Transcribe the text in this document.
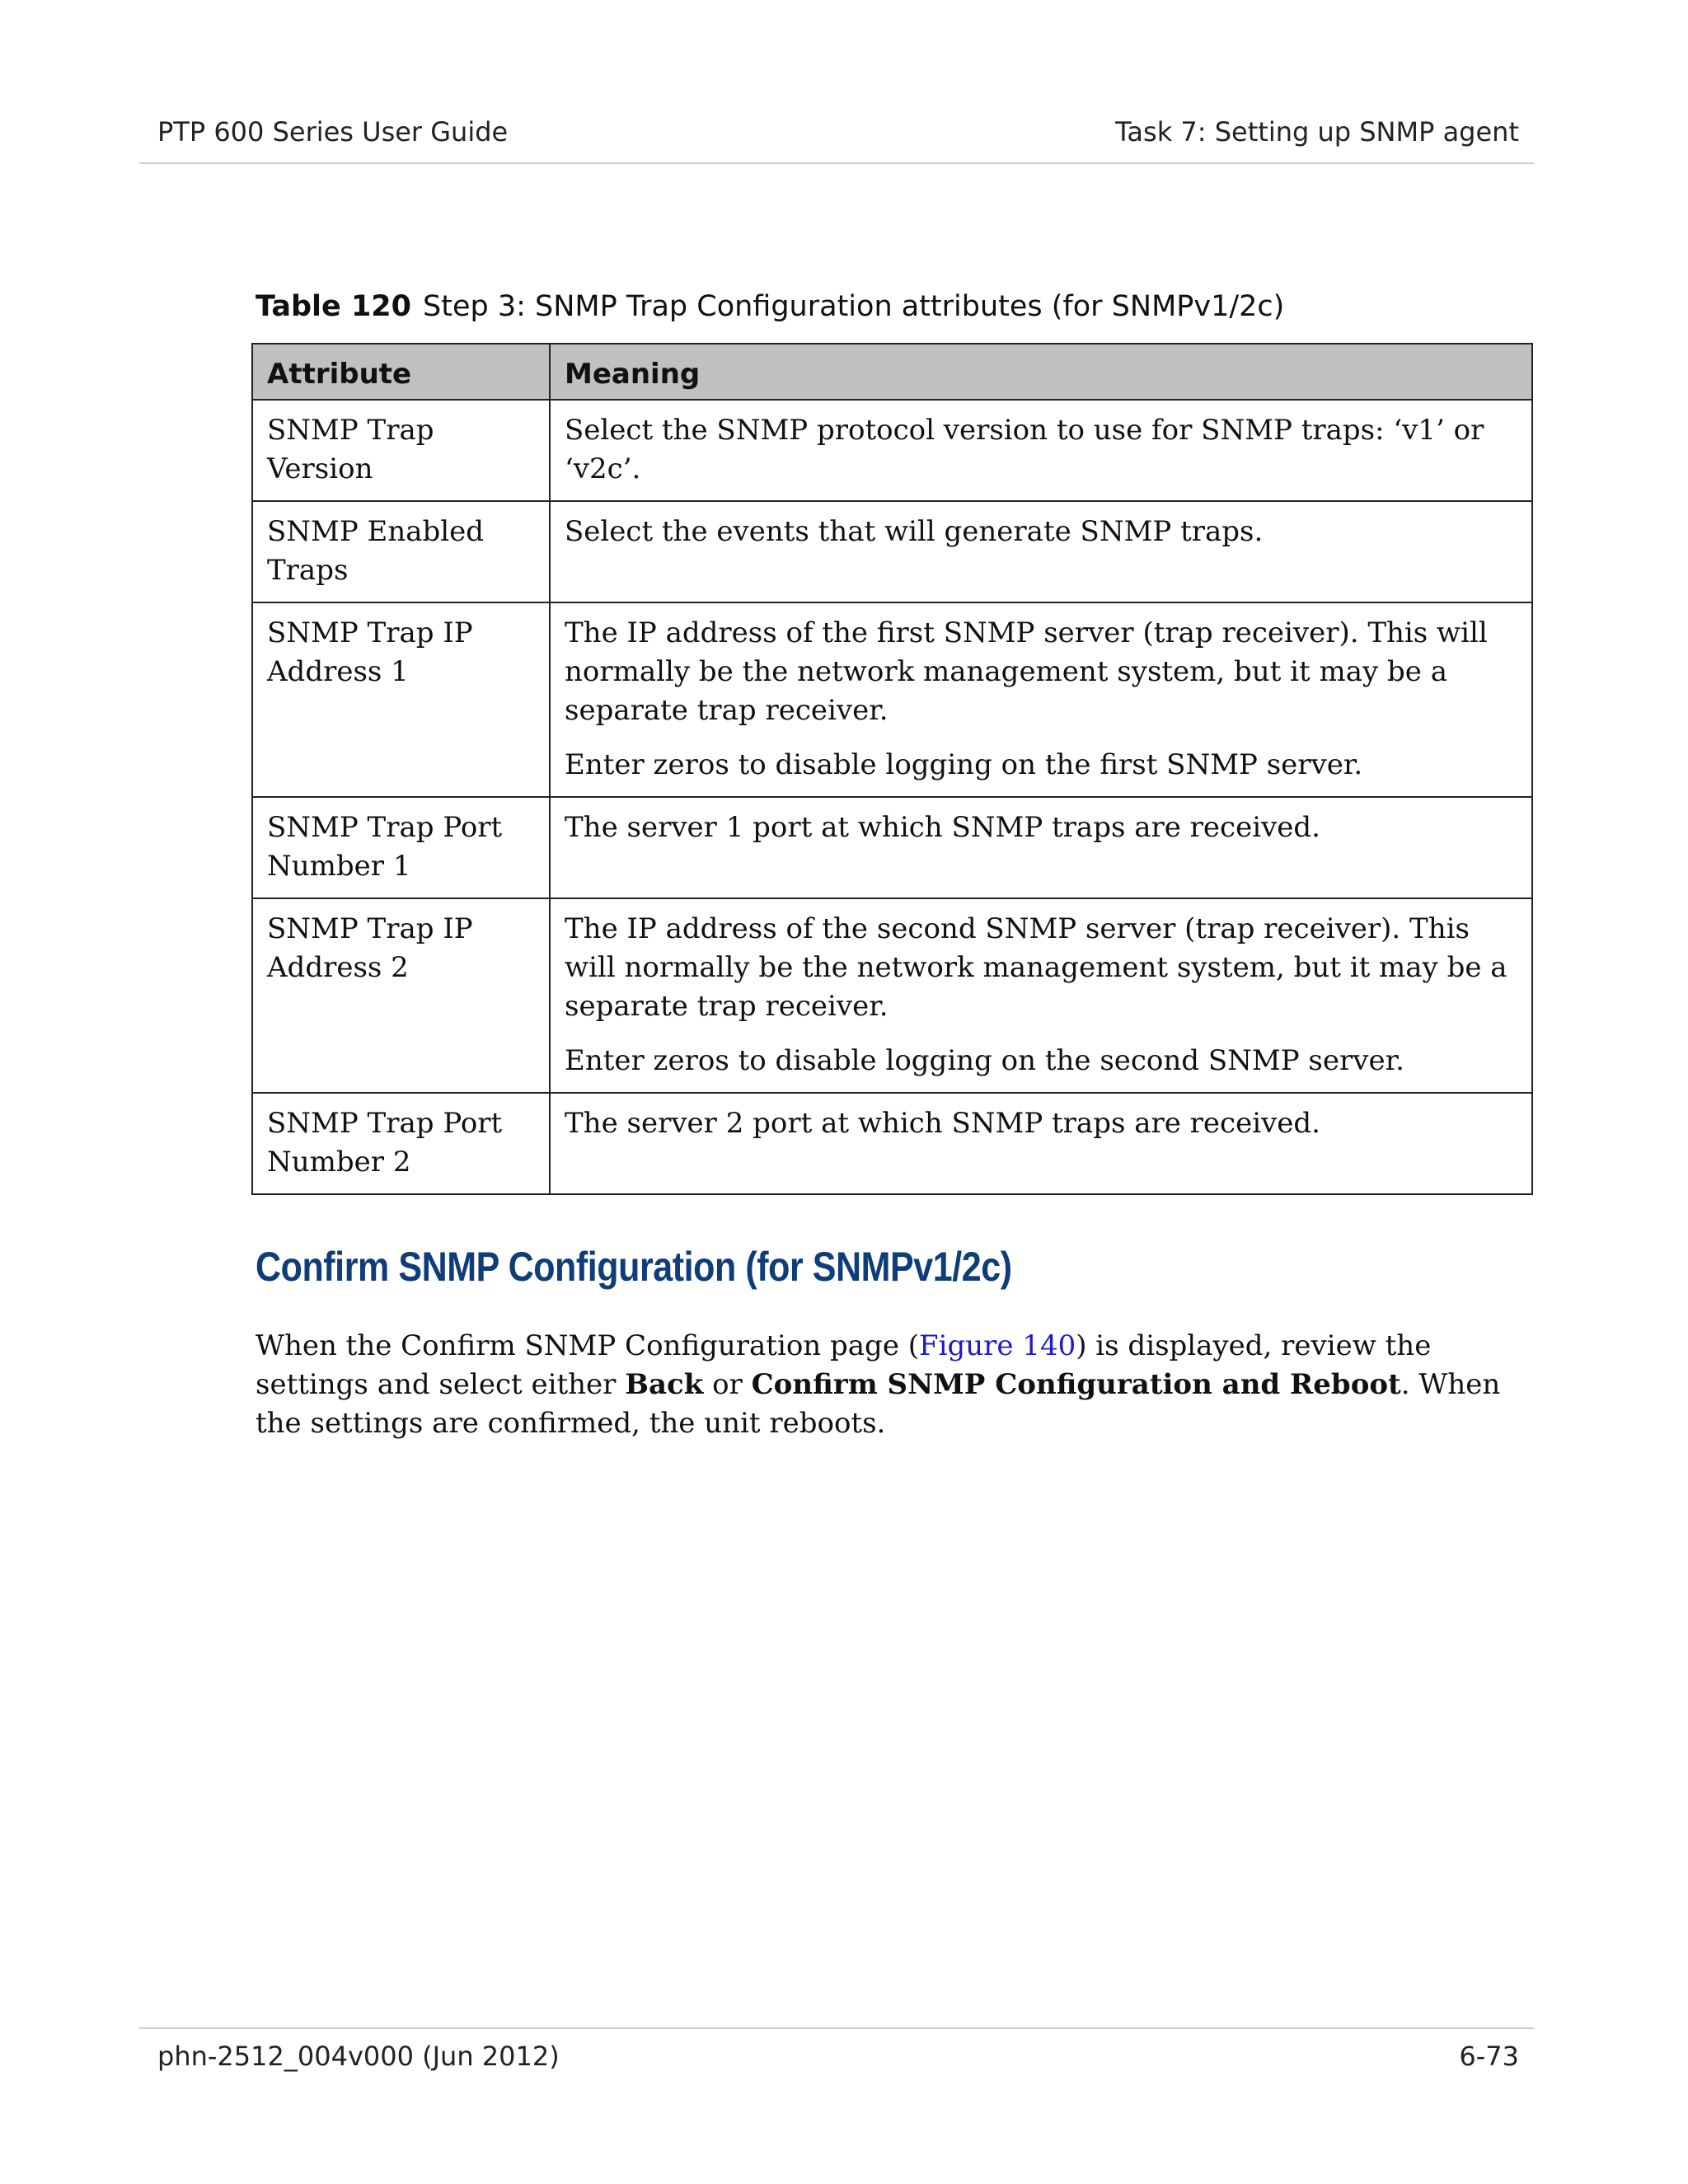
PTP 600 Series User Guide	Task 7: Setting up SNMP agent
Table 120 Step 3: SNMP Trap Configuration attributes (for SNMPv1/2c)
Attribute	Meaning
SNMP Trap Version	Select the SNMP protocol version to use for SNMP traps: ‘v1’ or ‘v2c’.

SNMP Enabled Traps	Select the events that will generate SNMP traps.

SNMP Trap IP Address 1	The IP address of the first SNMP server (trap receiver). This will normally be the network management system, but it may be a separate trap receiver.

Enter zeros to disable logging on the first SNMP server.

SNMP Trap Port Number 1	The server 1 port at which SNMP traps are received.

SNMP Trap IP Address 2	The IP address of the second SNMP server (trap receiver). This will normally be the network management system, but it may be a separate trap receiver.

Enter zeros to disable logging on the second SNMP server.

SNMP Trap Port Number 2	The server 2 port at which SNMP traps are received.

Confirm SNMP Configuration (for SNMPv1/2c)
When the Confirm SNMP Configuration page (Figure 140) is displayed, review the settings and select either Back or Confirm SNMP Configuration and Reboot. When the settings are confirmed, the unit reboots.
phn-2512_004v000 (Jun 2012)	6-73
